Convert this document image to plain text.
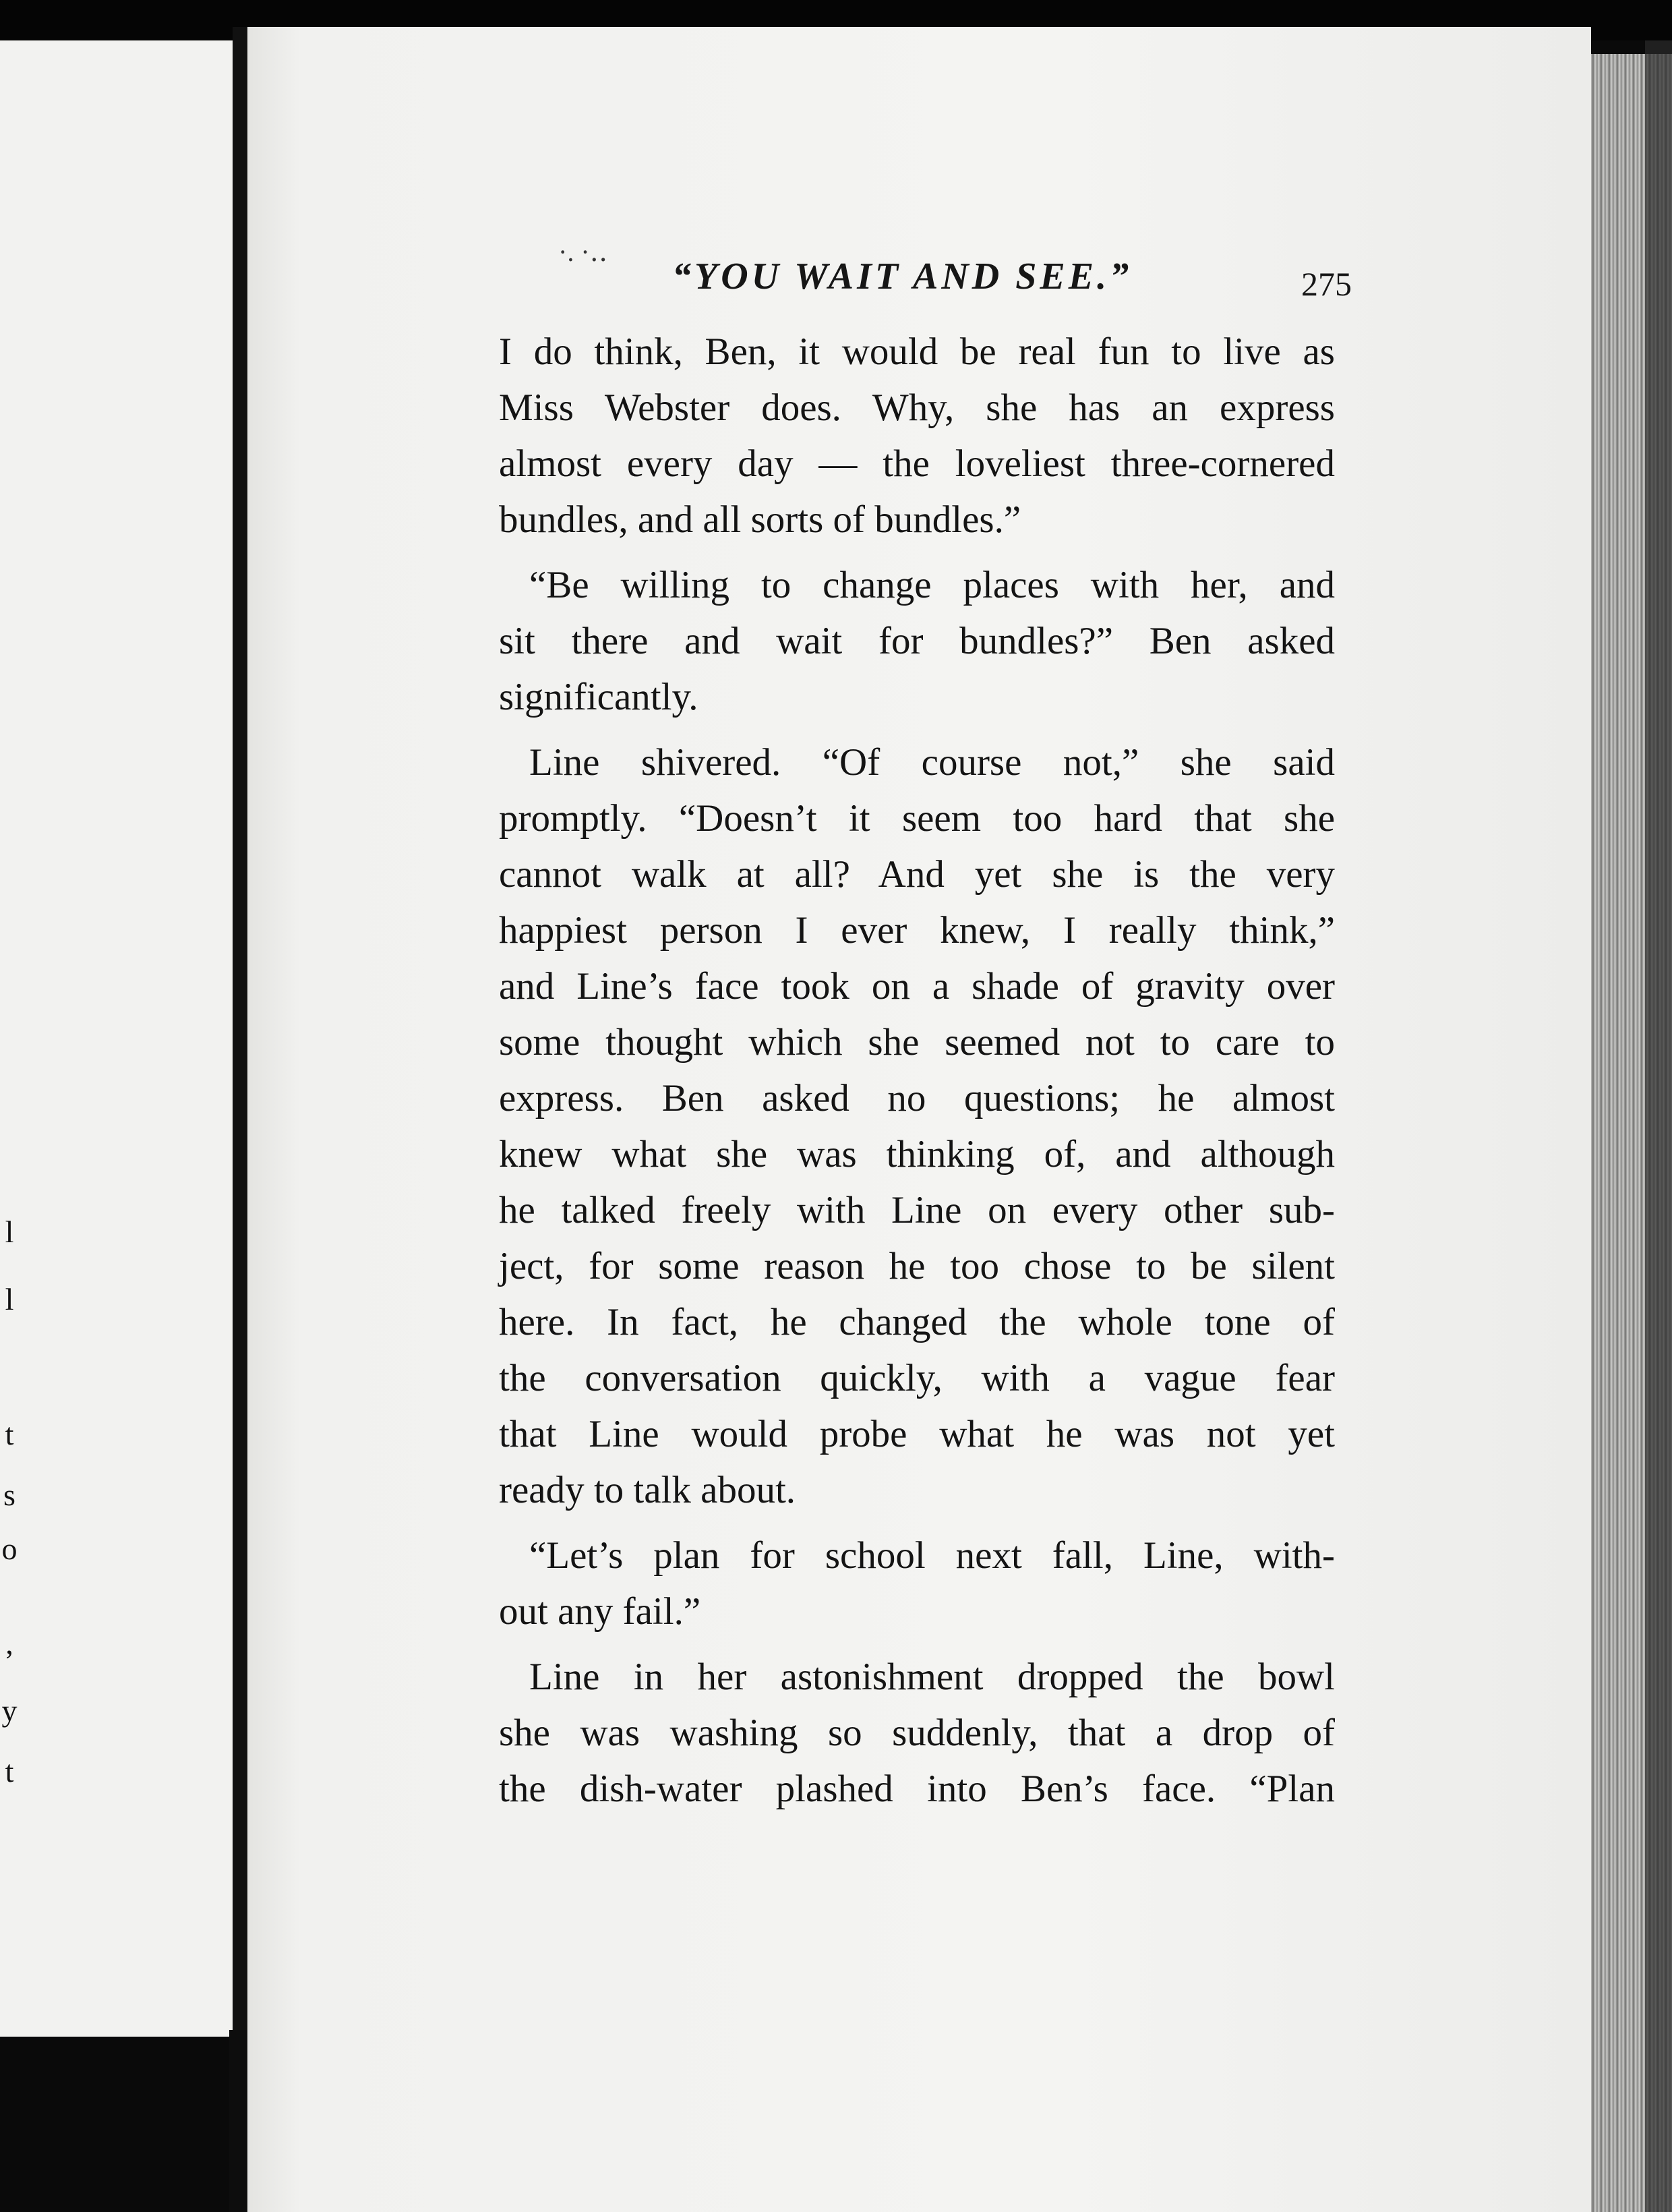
l

l

t

s

o

,

y

t

·. ·‥

“YOU WAIT AND SEE.”	275

I do think, Ben, it would be real fun to live as
Miss Webster does. Why, she has an express
almost every day — the loveliest three-cornered
bundles, and all sorts of bundles.”
“Be willing to change places with her, and
sit there and wait for bundles?” Ben asked
significantly.
Line shivered. “Of course not,” she said
promptly. “Doesn’t it seem too hard that she
cannot walk at all? And yet she is the very
happiest person I ever knew, I really think,”
and Line’s face took on a shade of gravity over
some thought which she seemed not to care to
express. Ben asked no questions; he almost
knew what she was thinking of, and although
he talked freely with Line on every other sub-
ject, for some reason he too chose to be silent
here. In fact, he changed the whole tone of
the conversation quickly, with a vague fear
that Line would probe what he was not yet
ready to talk about.
“Let’s plan for school next fall, Line, with-
out any fail.”
Line in her astonishment dropped the bowl
she was washing so suddenly, that a drop of
the dish-water plashed into Ben’s face. “Plan
